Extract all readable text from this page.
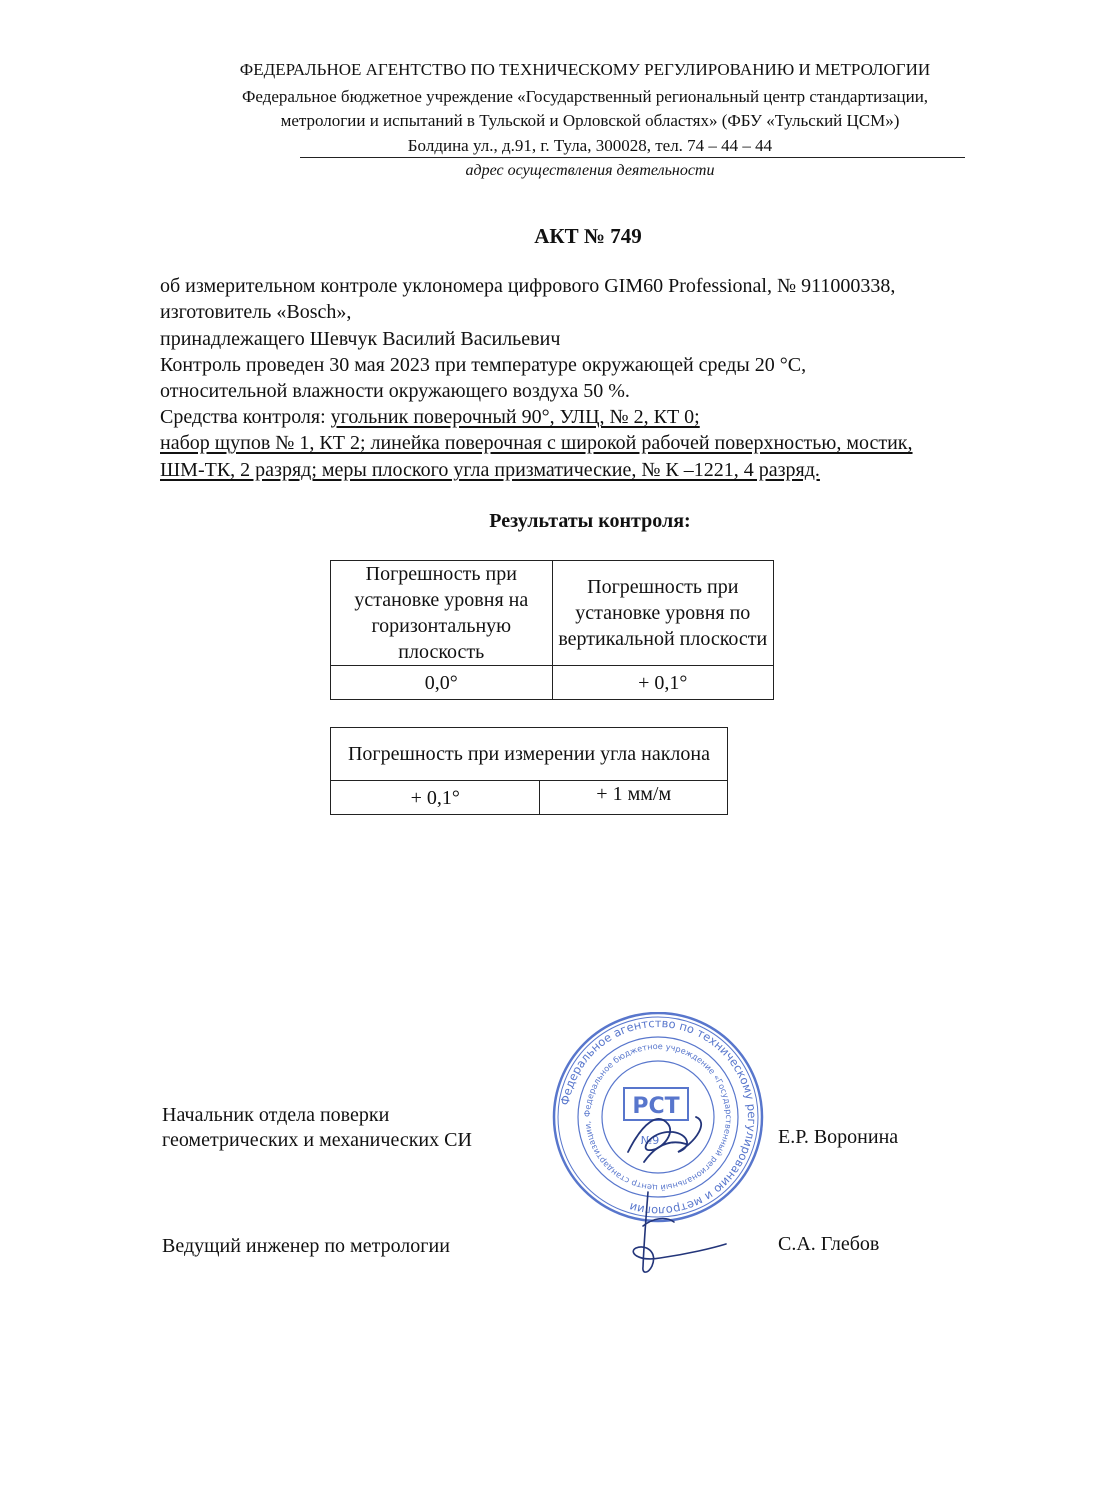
ФЕДЕРАЛЬНОЕ АГЕНТСТВО ПО ТЕХНИЧЕСКОМУ РЕГУЛИРОВАНИЮ И МЕТРОЛОГИИ
Федеральное бюджетное учреждение «Государственный региональный центр стандартизации,
метрологии и испытаний в Тульской и Орловской областях» (ФБУ «Тульский ЦСМ»)
Болдина ул., д.91, г. Тула, 300028, тел. 74 – 44 – 44
адрес осуществления деятельности
АКТ № 749
об измерительном контроле уклономера цифрового GIM60 Professional, № 911000338,
изготовитель «Bosch»,
принадлежащего Шевчук Василий Васильевич
Контроль проведен 30 мая 2023 при температуре окружающей среды 20 °С,
относительной влажности окружающего воздуха 50 %.
Средства контроля: угольник поверочный 90°, УЛЦ, № 2, КТ 0;
набор щупов № 1, КТ 2; линейка поверочная с широкой рабочей поверхностью, мостик,
ШМ-ТК, 2 разряд; меры плоского угла призматические, № К –1221, 4 разряд.
Результаты контроля:
Погрешность при установке уровня на горизонтальную плоскость	Погрешность при установке уровня по вертикальной плоскости
0,0°	+ 0,1°
Погрешность при измерении угла наклона
+ 0,1°	+ 1 мм/м
Начальник отдела поверки
геометрических и механических СИ	Е.Р. Воронина
Ведущий инженер по метрологии	С.А. Глебов
Федеральное агентство по техническому регулированию и метрологии
Федеральное бюджетное учреждение «Государственный региональный центр стандартизации,
РСТ
№9
